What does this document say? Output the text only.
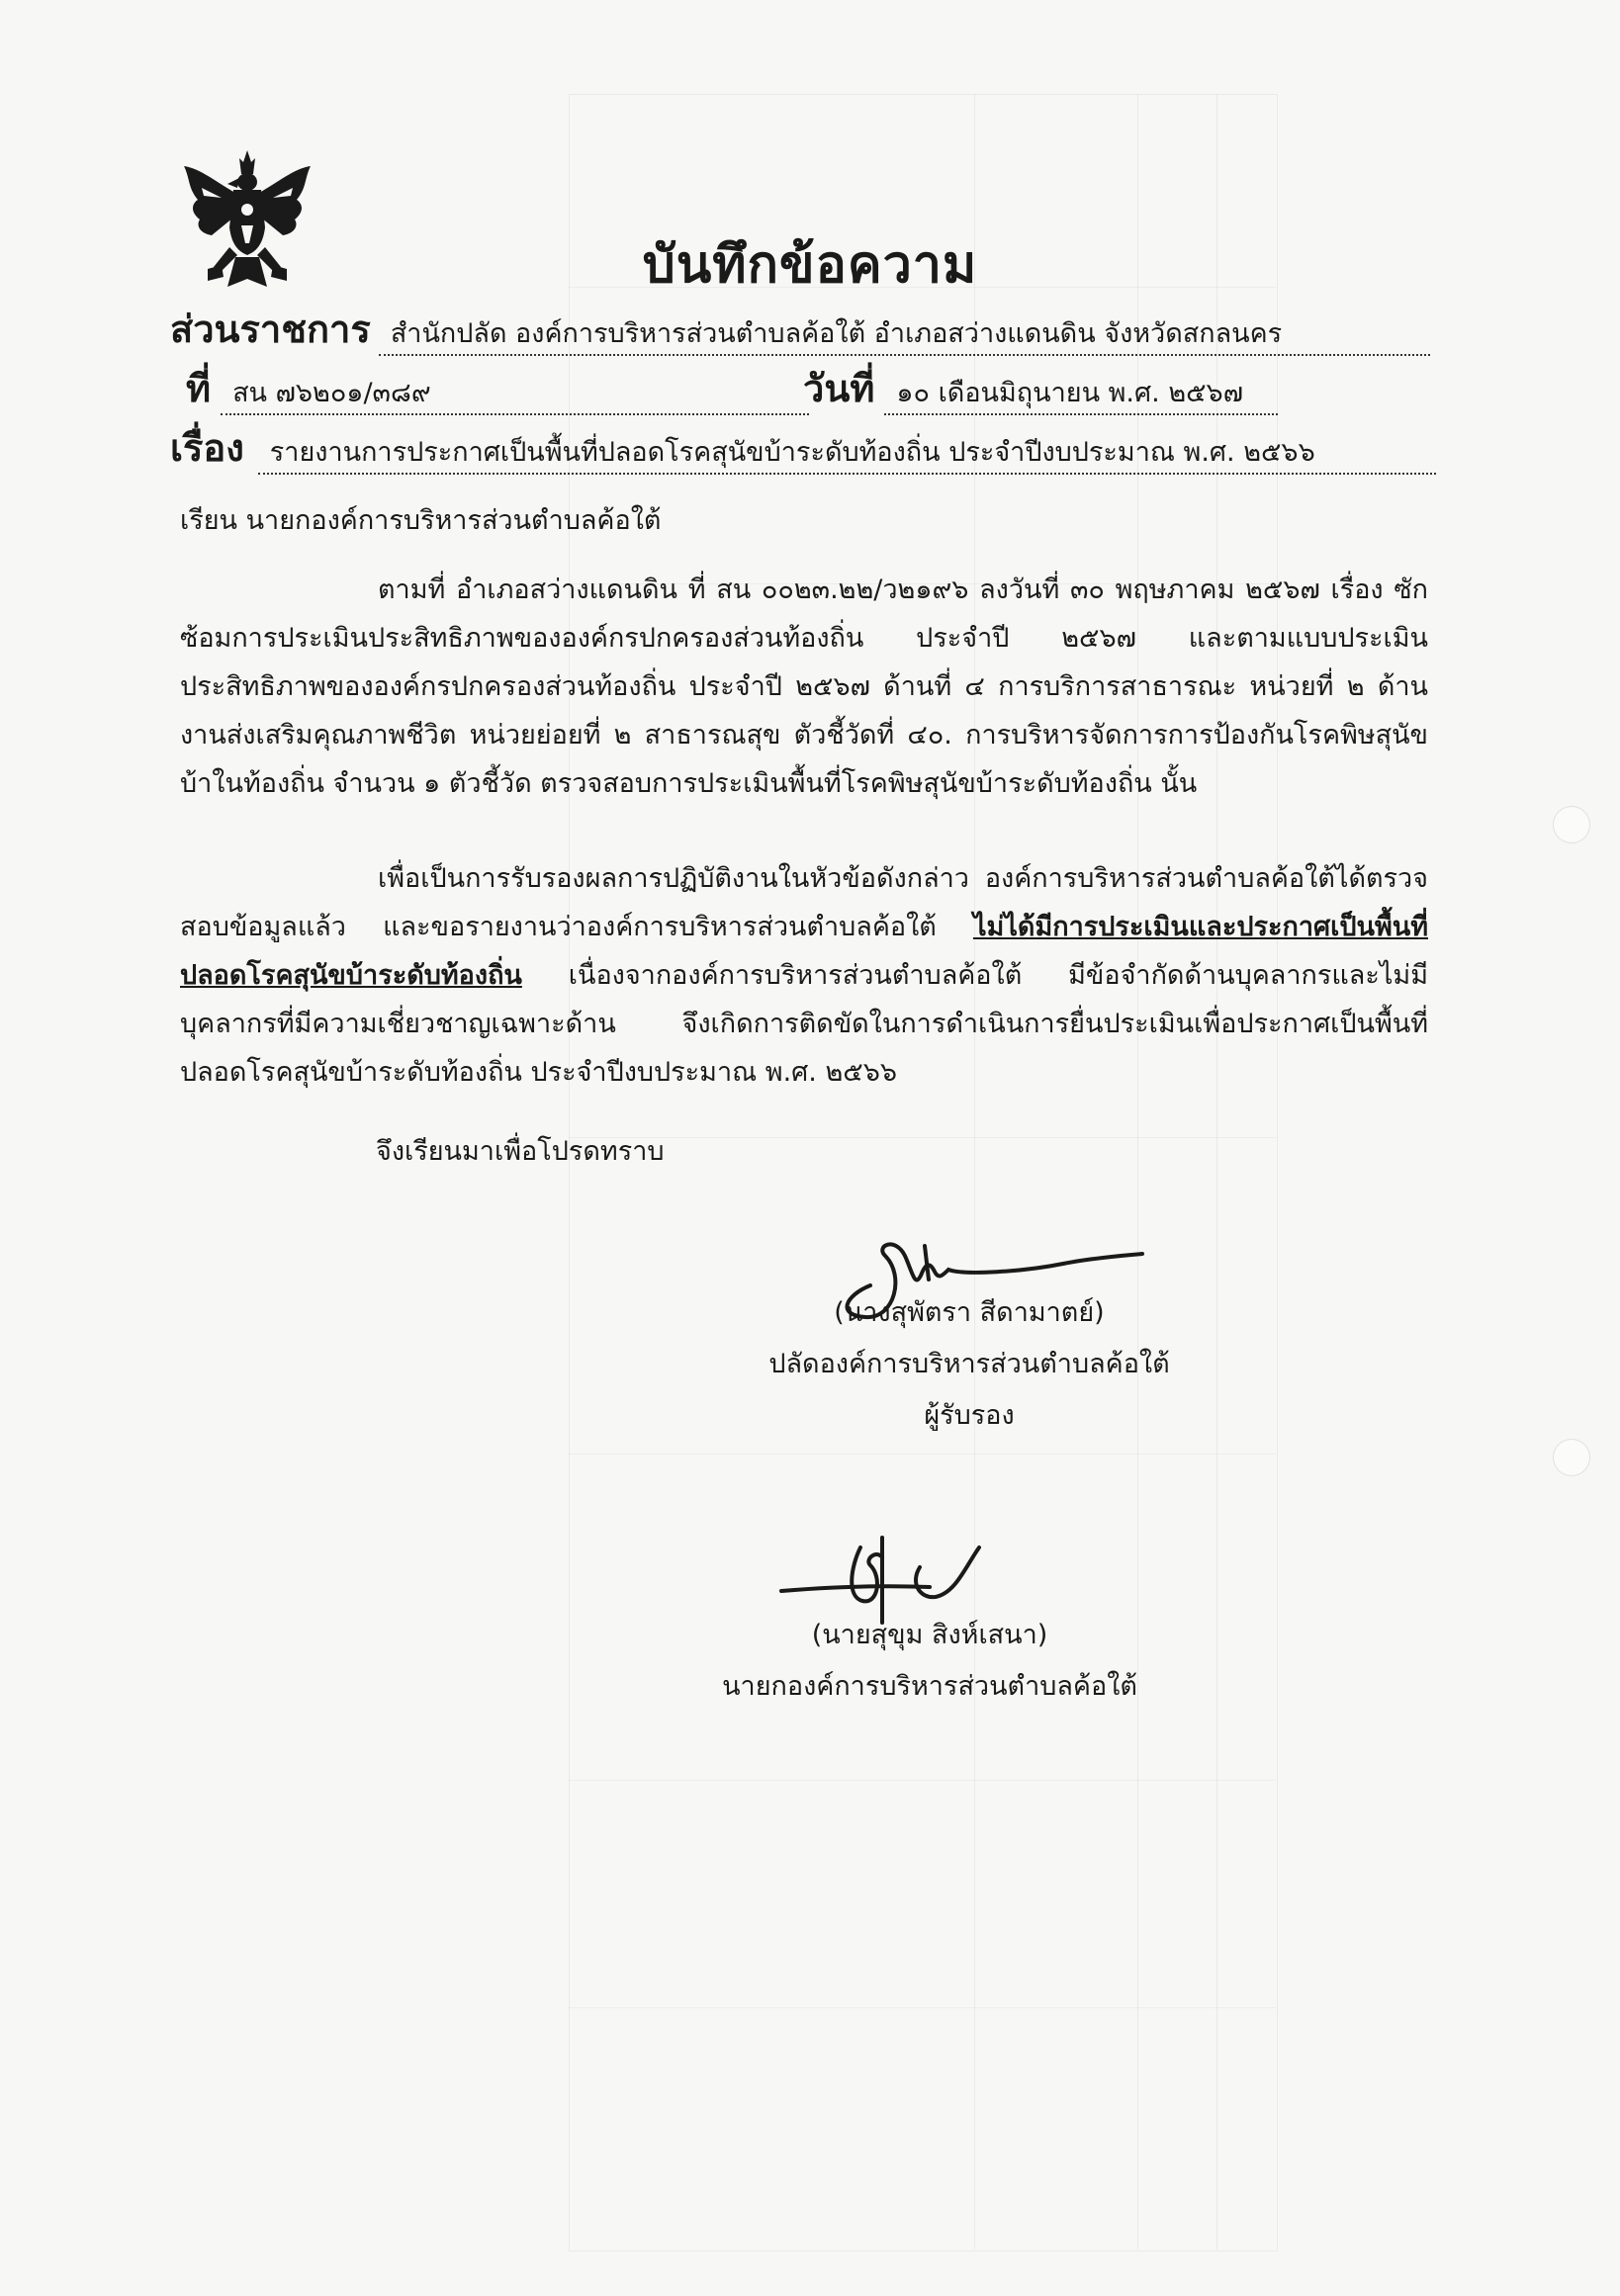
บันทึกข้อความ
ส่วนราชการ สำนักปลัด องค์การบริหารส่วนตำบลค้อใต้ อำเภอสว่างแดนดิน จังหวัดสกลนคร
ที่ สน ๗๖๒๐๑/๓๘๙	วันที่ ๑๐ เดือนมิถุนายน พ.ศ. ๒๕๖๗
เรื่อง รายงานการประกาศเป็นพื้นที่ปลอดโรคสุนัขบ้าระดับท้องถิ่น ประจำปีงบประมาณ พ.ศ. ๒๕๖๖
เรียน นายกองค์การบริหารส่วนตำบลค้อใต้
ตามที่ อำเภอสว่างแดนดิน ที่ สน ๐๐๒๓.๒๒/ว๒๑๙๖ ลงวันที่ ๓๐ พฤษภาคม ๒๕๖๗ เรื่อง ซักซ้อมการประเมินประสิทธิภาพขององค์กรปกครองส่วนท้องถิ่น ประจำปี ๒๕๖๗ และตามแบบประเมินประสิทธิภาพขององค์กรปกครองส่วนท้องถิ่น ประจำปี ๒๕๖๗ ด้านที่ ๔ การบริการสาธารณะ หน่วยที่ ๒ ด้านงานส่งเสริมคุณภาพชีวิต หน่วยย่อยที่ ๒ สาธารณสุข ตัวชี้วัดที่ ๔๐. การบริหารจัดการการป้องกันโรคพิษสุนัขบ้าในท้องถิ่น จำนวน ๑ ตัวชี้วัด ตรวจสอบการประเมินพื้นที่โรคพิษสุนัขบ้าระดับท้องถิ่น นั้น
เพื่อเป็นการรับรองผลการปฏิบัติงานในหัวข้อดังกล่าว องค์การบริหารส่วนตำบลค้อใต้ได้ตรวจสอบข้อมูลแล้ว และขอรายงานว่าองค์การบริหารส่วนตำบลค้อใต้ ไม่ได้มีการประเมินและประกาศเป็นพื้นที่ปลอดโรคสุนัขบ้าระดับท้องถิ่น เนื่องจากองค์การบริหารส่วนตำบลค้อใต้ มีข้อจำกัดด้านบุคลากรและไม่มีบุคลากรที่มีความเชี่ยวชาญเฉพาะด้าน จึงเกิดการติดขัดในการดำเนินการยื่นประเมินเพื่อประกาศเป็นพื้นที่ปลอดโรคสุนัขบ้าระดับท้องถิ่น ประจำปีงบประมาณ พ.ศ. ๒๕๖๖
จึงเรียนมาเพื่อโปรดทราบ
(นางสุพัตรา สีดามาตย์)
ปลัดองค์การบริหารส่วนตำบลค้อใต้
ผู้รับรอง
(นายสุขุม สิงห์เสนา)
นายกองค์การบริหารส่วนตำบลค้อใต้
